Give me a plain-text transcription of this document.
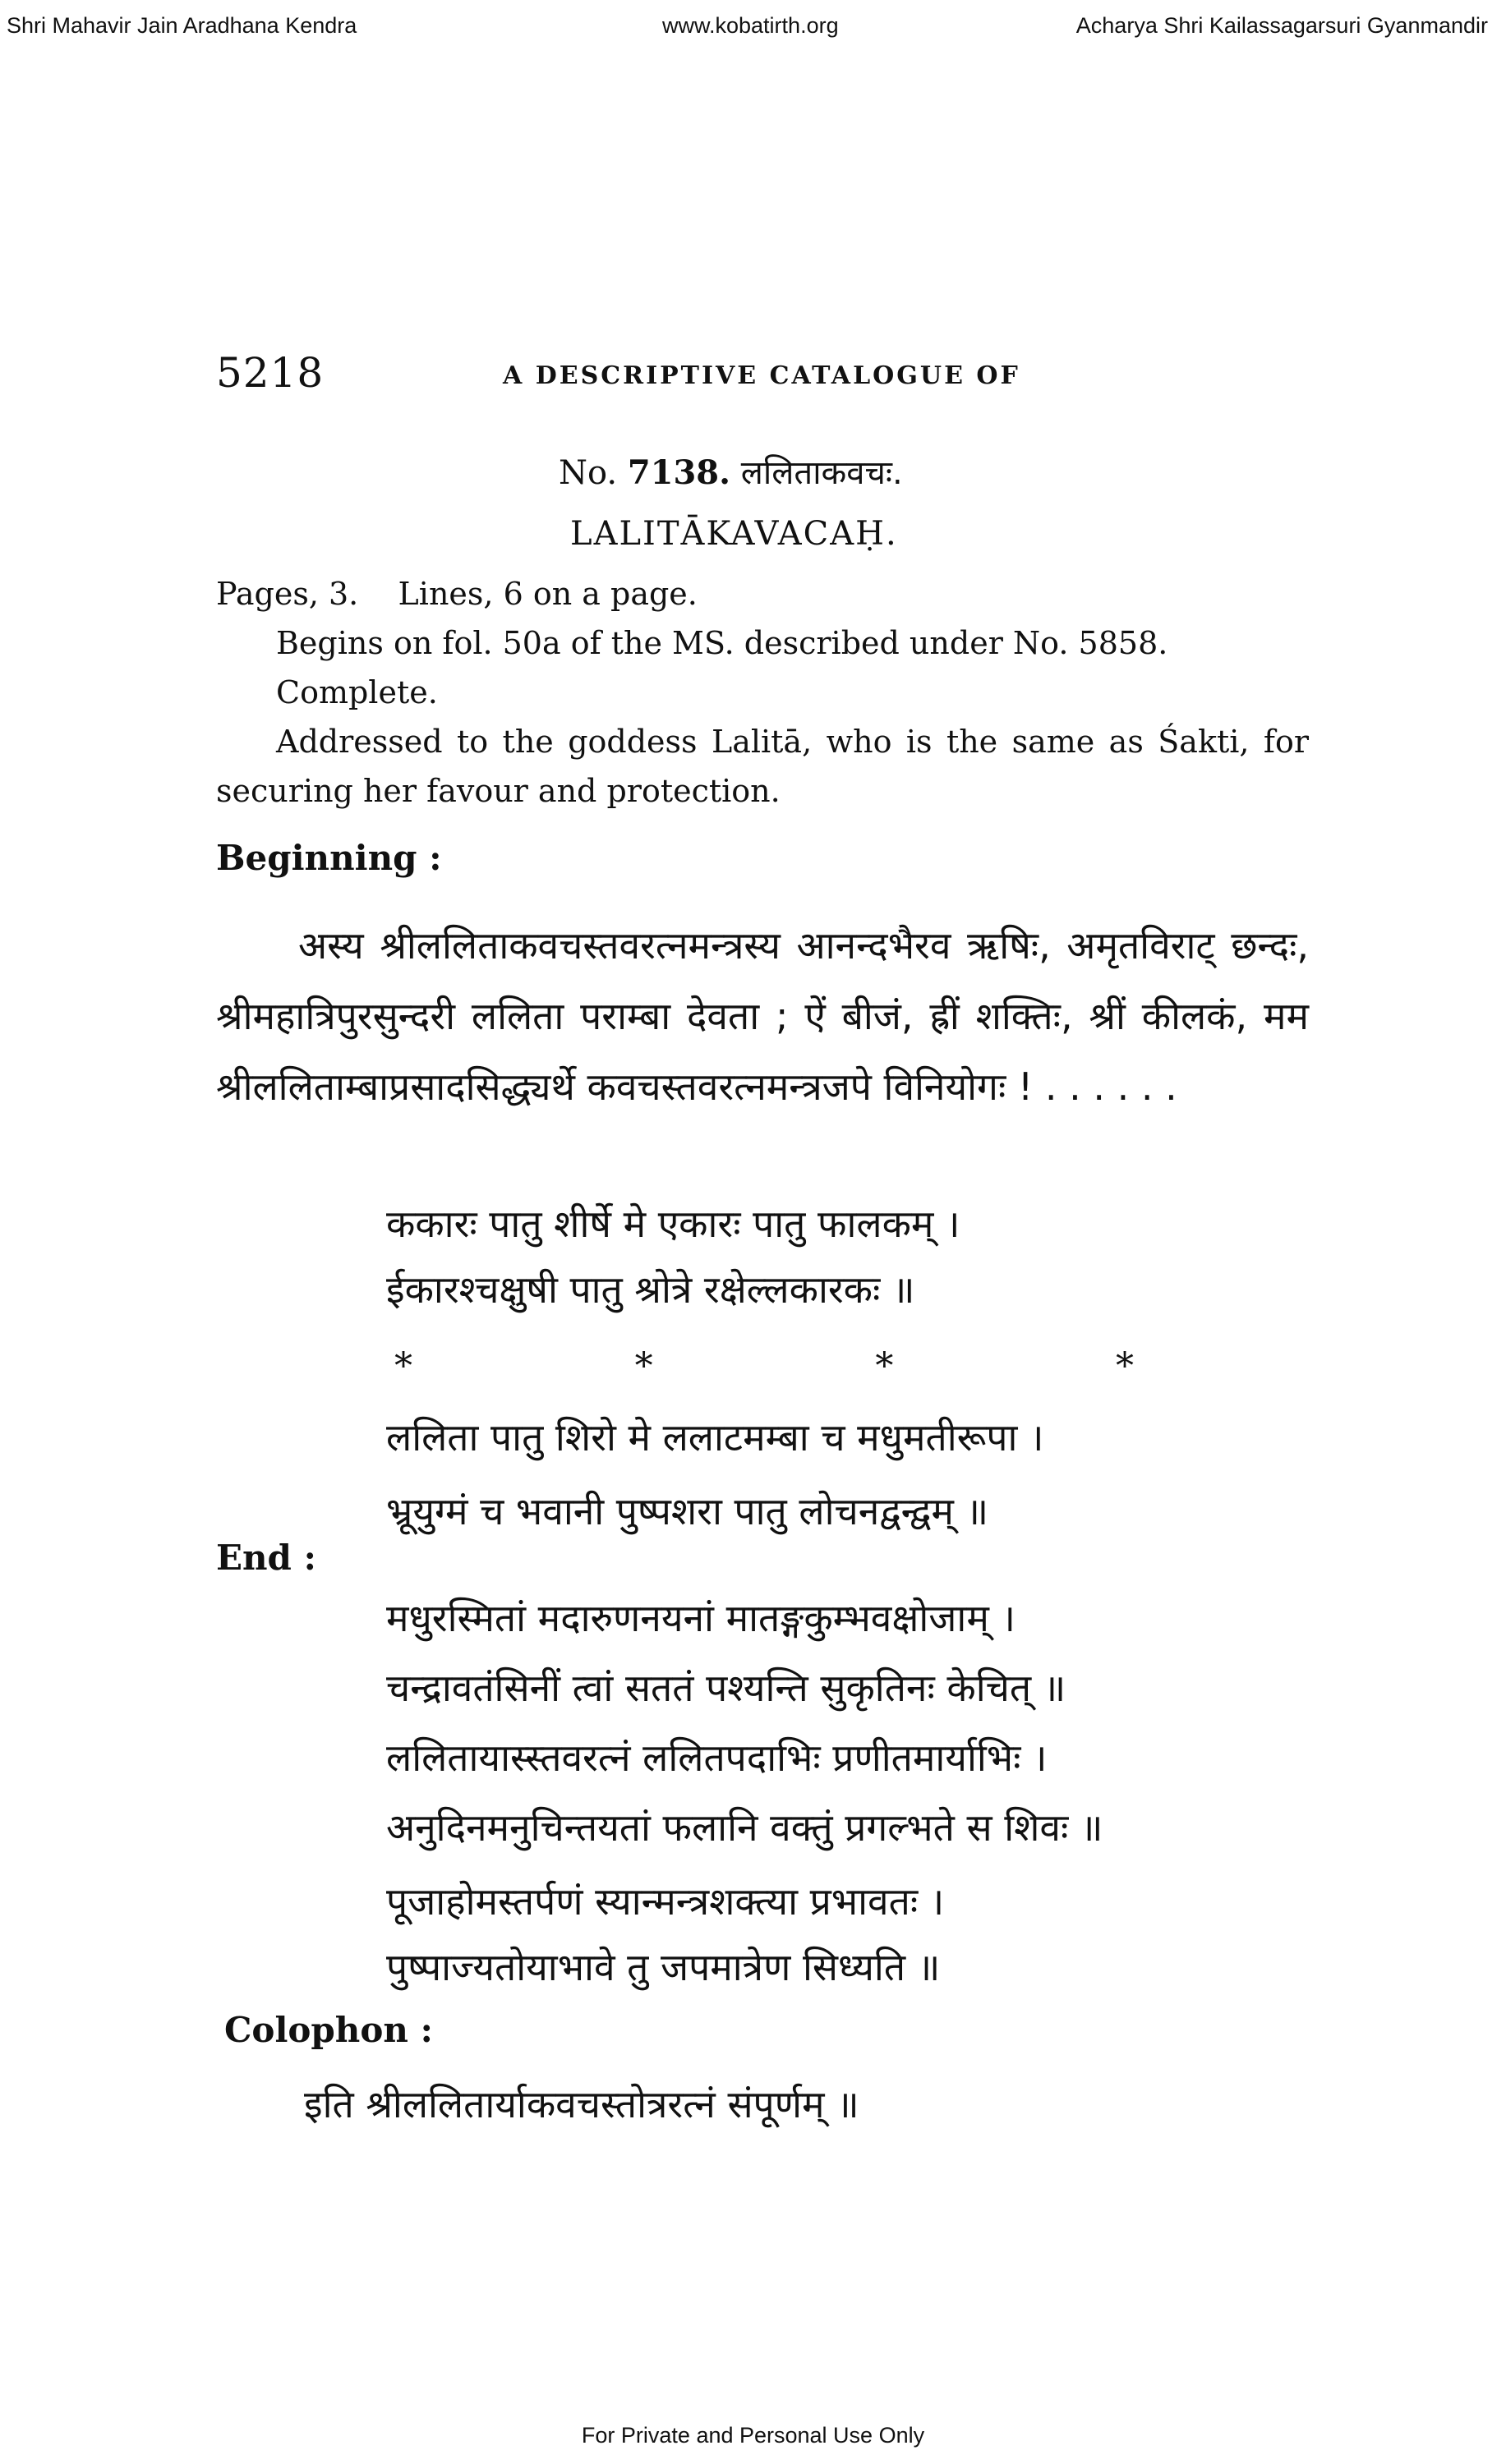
Shri Mahavir Jain Aradhana Kendra	www.kobatirth.org	Acharya Shri Kailassagarsuri Gyanmandir
5218	A DESCRIPTIVE CATALOGUE OF
No. 7138. ललिताकवचः.
LALITĀKAVACAḤ.
Pages, 3.    Lines, 6 on a page.
Begins on fol. 50a of the MS. described under No. 5858.
Complete.
Addressed to the goddess Lalitā, who is the same as Śakti, for securing her favour and protection.
Beginning :
अस्य श्रीललिताकवचस्तवरत्नमन्त्रस्य आनन्दभैरव ऋषिः, अमृतविराट् छन्दः, श्रीमहात्रिपुरसुन्दरी ललिता पराम्बा देवता ; ऐं बीजं, ह्रीं शक्तिः, श्रीं कीलकं, मम श्रीललिताम्बाप्रसादसिद्ध्यर्थे कवचस्तवरत्नमन्त्रजपे विनियोगः ! . . . . . .
ककारः पातु शीर्षे मे एकारः पातु फालकम् ।
ईकारश्चक्षुषी पातु श्रोत्रे रक्षेल्लकारकः ॥
*	*	*	*
ललिता पातु शिरो मे ललाटमम्बा च मधुमतीरूपा ।
भ्रूयुग्मं च भवानी पुष्पशरा पातु लोचनद्वन्द्वम् ॥
End :
मधुरस्मितां मदारुणनयनां मातङ्गकुम्भवक्षोजाम् ।
चन्द्रावतंसिनीं त्वां सततं पश्यन्ति सुकृतिनः केचित् ॥
ललितायास्स्तवरत्नं ललितपदाभिः प्रणीतमार्याभिः ।
अनुदिनमनुचिन्तयतां फलानि वक्तुं प्रगल्भते स शिवः ॥
पूजाहोमस्तर्पणं स्यान्मन्त्रशक्त्या प्रभावतः ।
पुष्पाज्यतोयाभावे तु जपमात्रेण सिध्यति ॥
Colophon :
इति श्रीललितार्याकवचस्तोत्ररत्नं संपूर्णम् ॥
For Private and Personal Use Only
